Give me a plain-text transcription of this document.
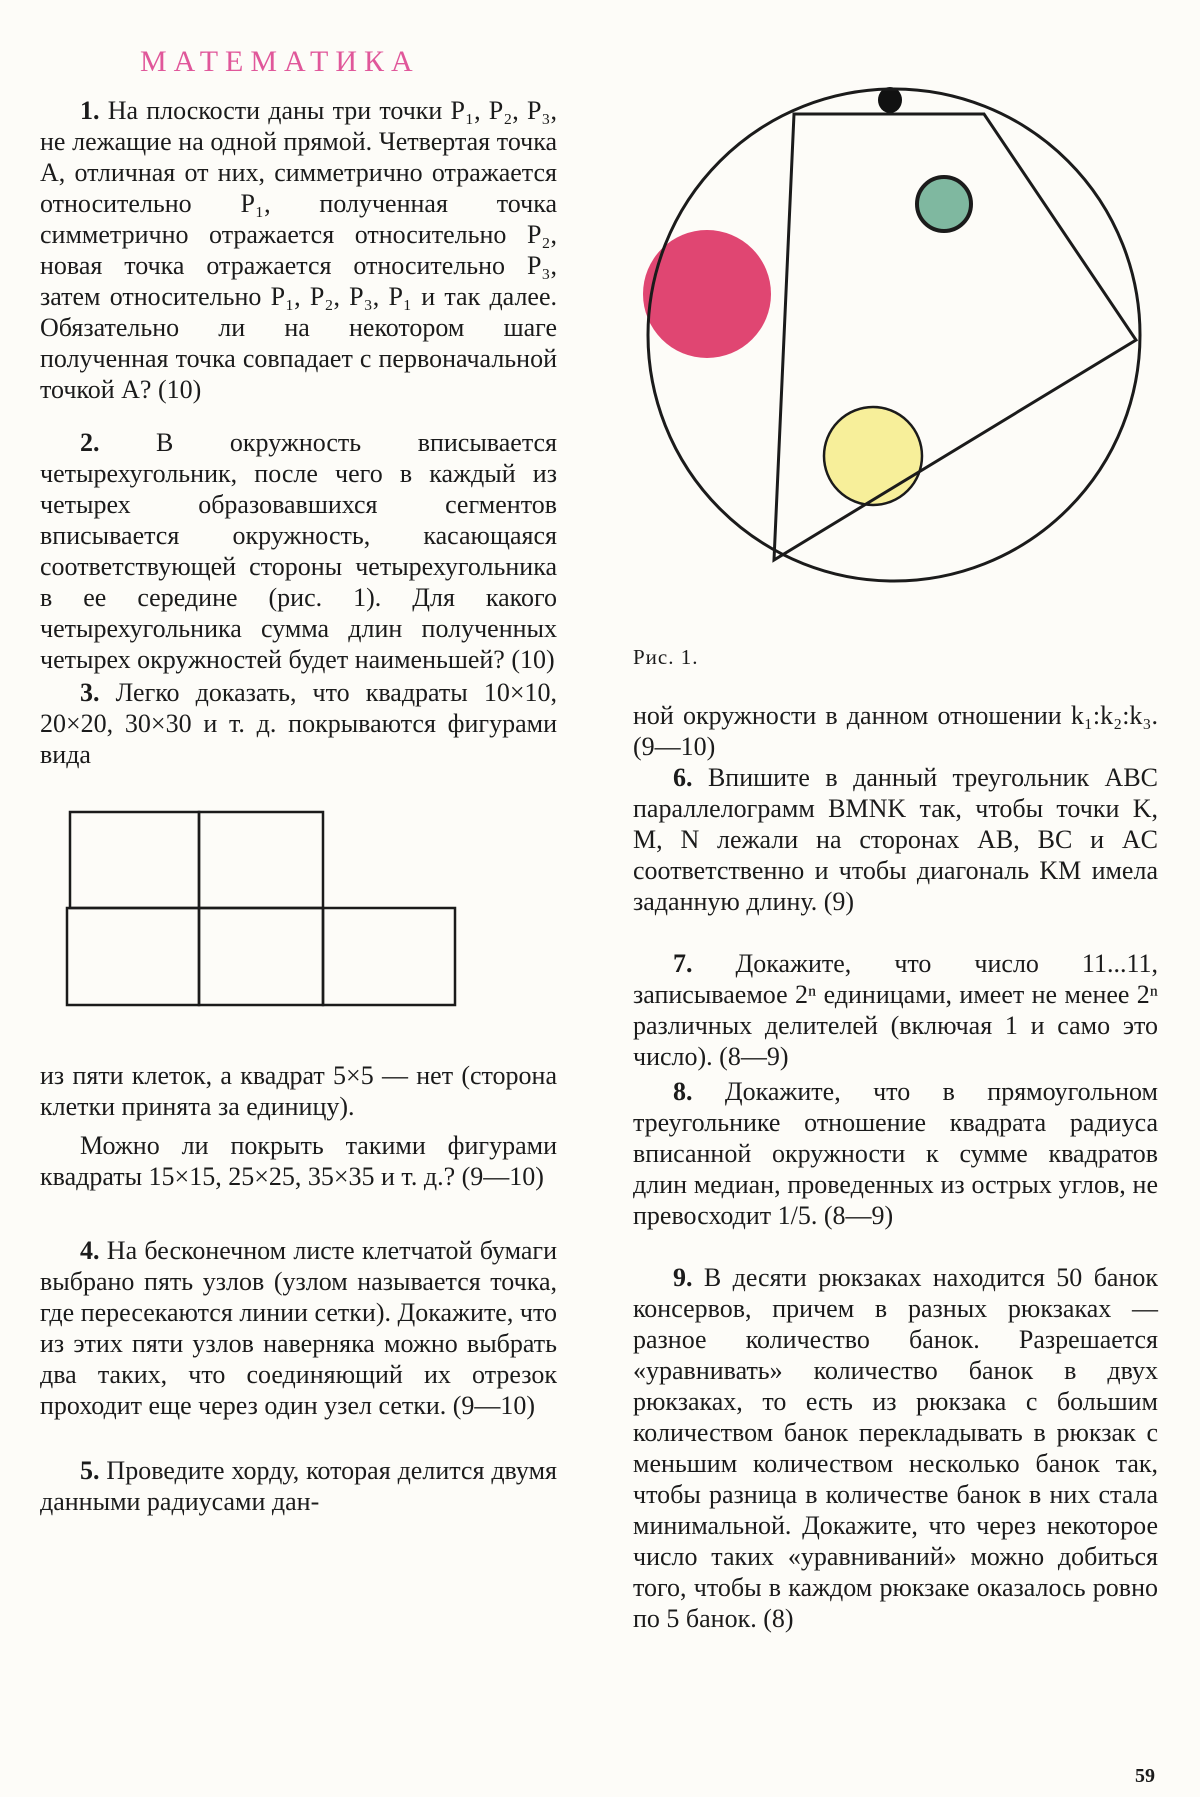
МАТЕМАТИКА

1. На плоскости даны три точки P₁, P₂, P₃, не лежащие на одной прямой. Четвертая точка A, отличная от них, симметрично отражается относительно P₁, полученная точка симметрично отражается относительно P₂, новая точка отражается относительно P₃, затем относительно P₁, P₂, P₃, P₁ и так далее. Обязательно ли на некотором шаге полученная точка совпадает с первоначальной точкой A? (10)

2. В окружность вписывается четырехугольник, после чего в каждый из четырех образовавшихся сегментов вписывается окружность, касающаяся соответствующей стороны четырехугольника в ее середине (рис. 1). Для какого четырехугольника сумма длин полученных четырех окружностей будет наименьшей? (10)

3. Легко доказать, что квадраты 10×10, 20×20, 30×30 и т. д. покрываются фигурами вида

из пяти клеток, а квадрат 5×5 — нет (сторона клетки принята за единицу).

Можно ли покрыть такими фигурами квадраты 15×15, 25×25, 35×35 и т. д.? (9—10)

4. На бесконечном листе клетчатой бумаги выбрано пять узлов (узлом называется точка, где пересекаются линии сетки). Докажите, что из этих пяти узлов наверняка можно выбрать два таких, что соединяющий их отрезок проходит еще через один узел сетки. (9—10)

5. Проведите хорду, которая делится двумя данными радиусами дан-

Рис. 1.

ной окружности в данном отношении k₁:k₂:k₃. (9—10)

6. Впишите в данный треугольник ABC параллелограмм BMNK так, чтобы точки K, M, N лежали на сторонах AB, BC и AC соответственно и чтобы диагональ KM имела заданную длину. (9)

7. Докажите, что число 11...11, записываемое 2ⁿ единицами, имеет не менее 2ⁿ различных делителей (включая 1 и само это число). (8—9)

8. Докажите, что в прямоугольном треугольнике отношение квадрата радиуса вписанной окружности к сумме квадратов длин медиан, проведенных из острых углов, не превосходит 1/5. (8—9)

9. В десяти рюкзаках находится 50 банок консервов, причем в разных рюкзаках — разное количество банок. Разрешается «уравнивать» количество банок в двух рюкзаках, то есть из рюкзака с большим количеством банок перекладывать в рюкзак с меньшим количеством несколько банок так, чтобы разница в количестве банок в них стала минимальной. Докажите, что через некоторое число таких «уравниваний» можно добиться того, чтобы в каждом рюкзаке оказалось ровно по 5 банок. (8)

59
